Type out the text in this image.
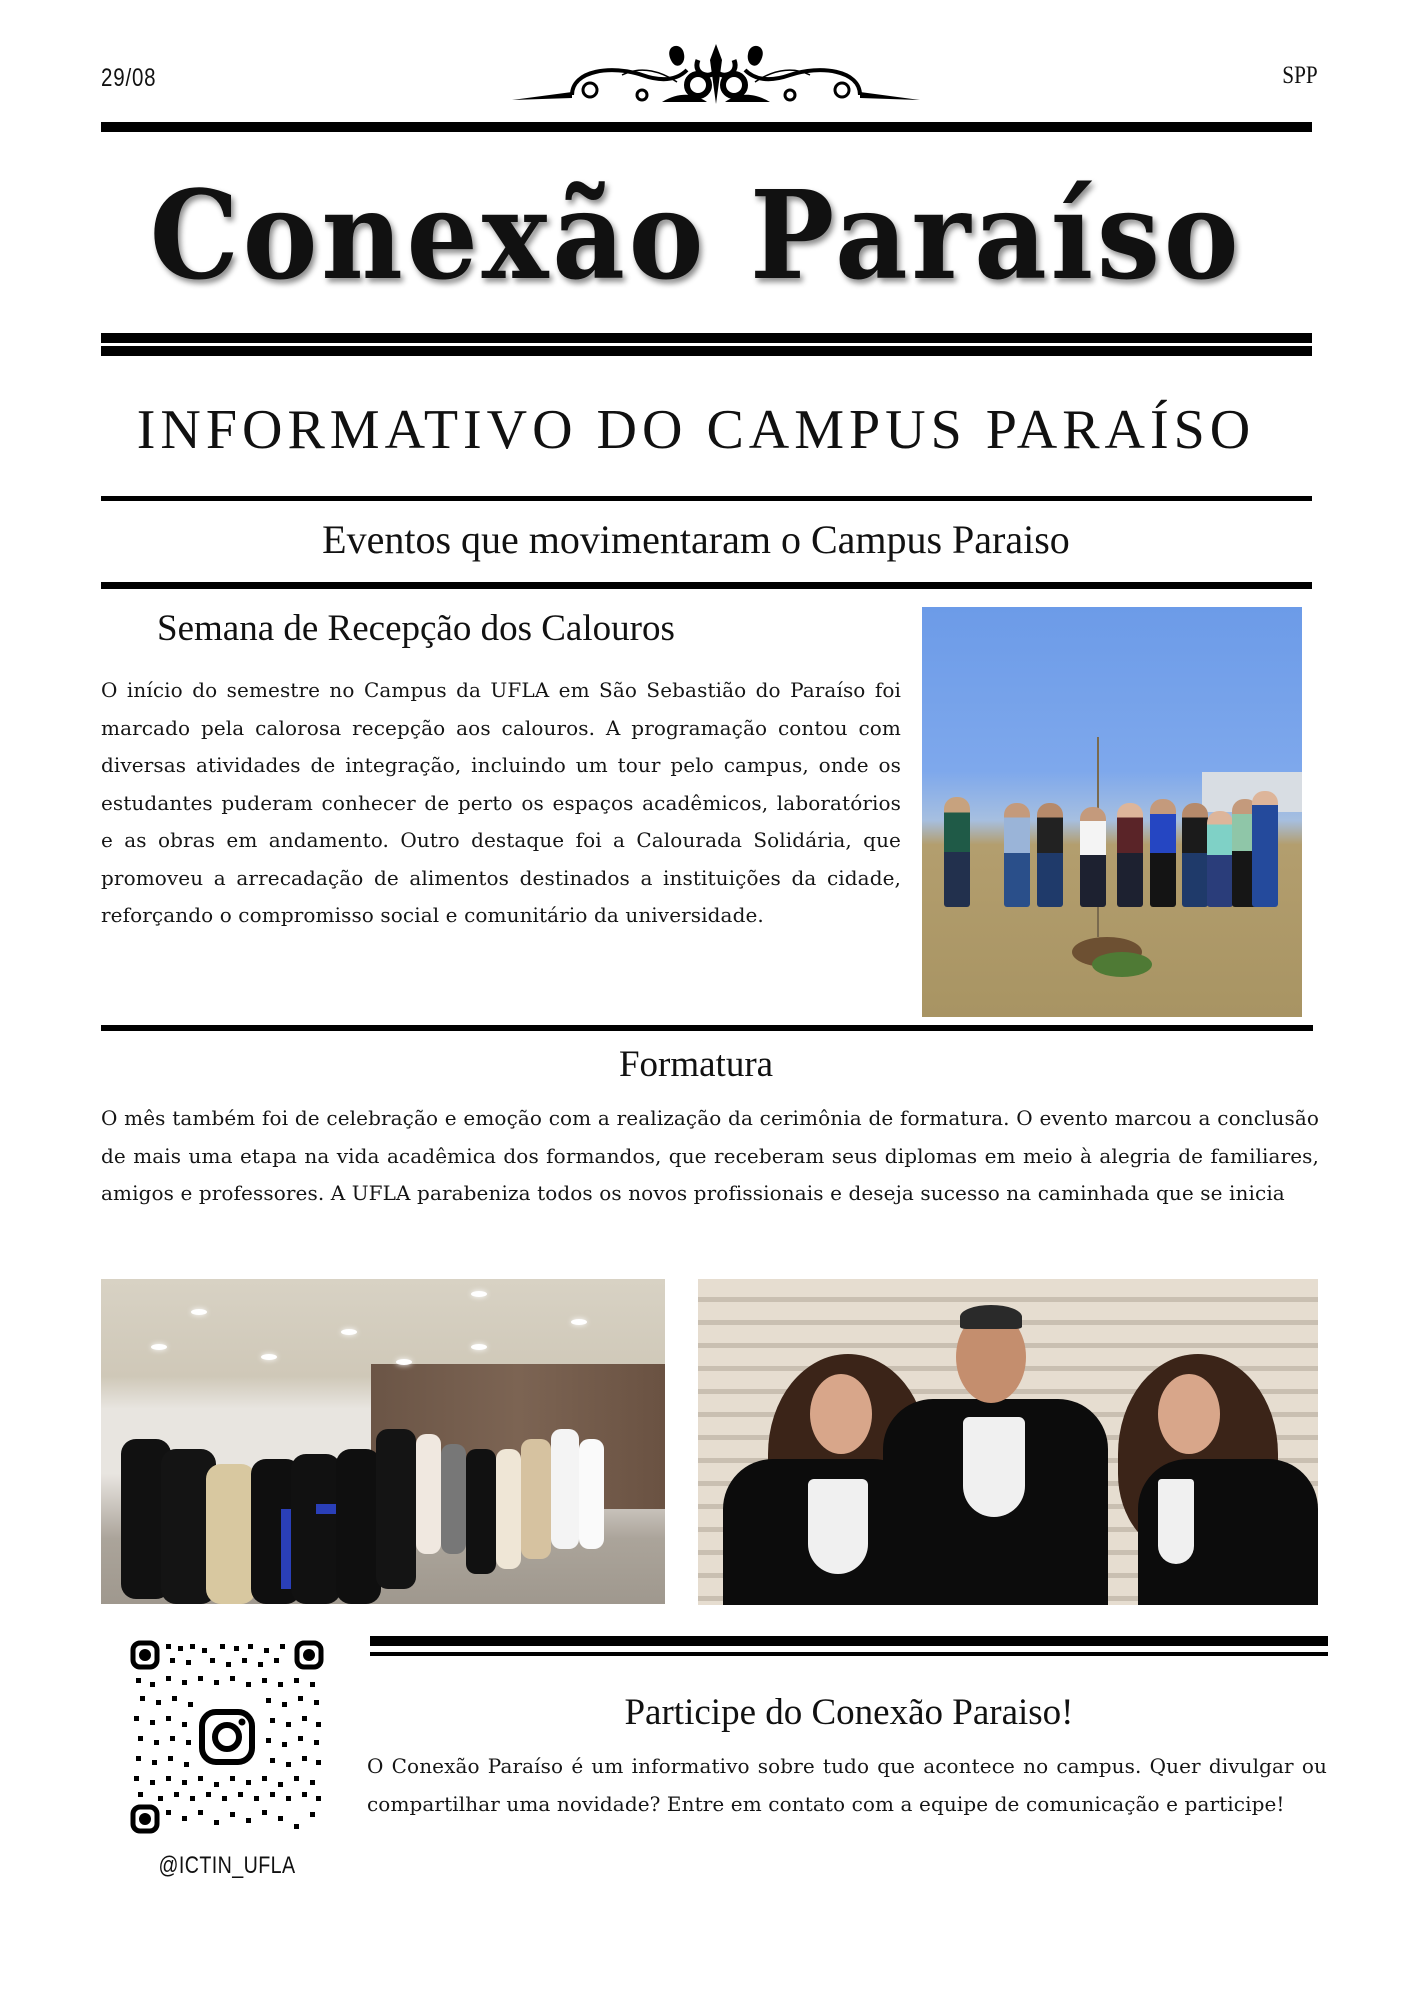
29/08	SPP
Conexão Paraíso
INFORMATIVO DO CAMPUS PARAÍSO
Eventos que movimentaram o Campus Paraiso
Semana de Recepção dos Calouros
O início do semestre no Campus da UFLA em São Sebastião do Paraíso foi marcado pela calorosa recepção aos calouros. A programação contou com diversas atividades de integração, incluindo um tour pelo campus, onde os estudantes puderam conhecer de perto os espaços acadêmicos, laboratórios e as obras em andamento. Outro destaque foi a Calourada Solidária, que promoveu a arrecadação de alimentos destinados a instituições da cidade, reforçando o compromisso social e comunitário da universidade.
Formatura
O mês também foi de celebração e emoção com a realização da cerimônia de formatura. O evento marcou a conclusão de mais uma etapa na vida acadêmica dos formandos, que receberam seus diplomas em meio à alegria de familiares, amigos e professores. A UFLA parabeniza todos os novos profissionais e deseja sucesso na caminhada que se inicia
@ICTIN_UFLA
Participe do Conexão Paraiso!
O Conexão Paraíso é um informativo sobre tudo que acontece no campus. Quer divulgar ou compartilhar uma novidade? Entre em contato com a equipe de comunicação e participe!
